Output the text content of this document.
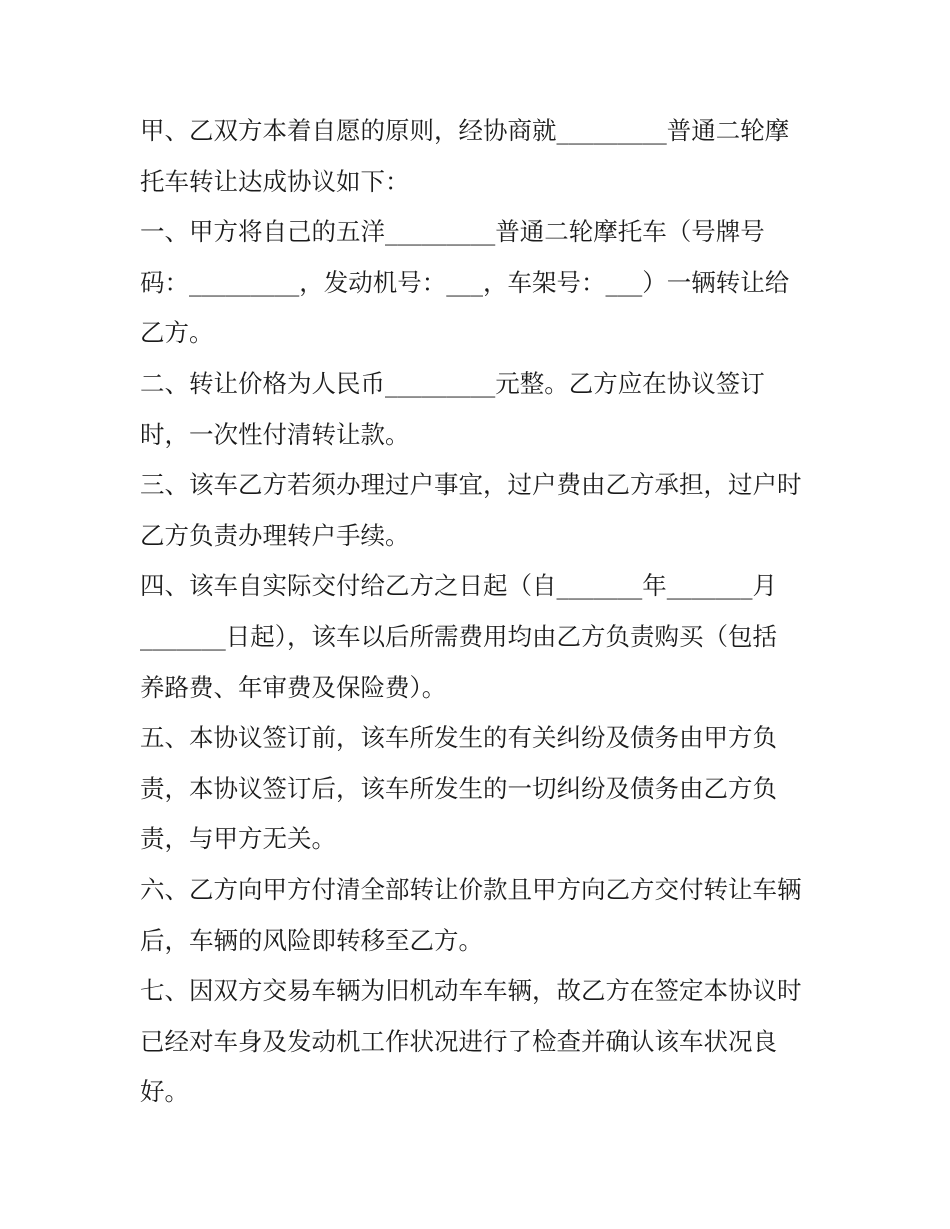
甲、乙双方本着自愿的原则，经协商就_________普通二轮摩
托车转让达成协议如下：
一、甲方将自己的五洋_________普通二轮摩托车（号牌号
码：_________，发动机号：___，车架号：___）一辆转让给
乙方。
二、转让价格为人民币_________元整。乙方应在协议签订
时，一次性付清转让款。
三、该车乙方若须办理过户事宜，过户费由乙方承担，过户时
乙方负责办理转户手续。
四、该车自实际交付给乙方之日起（自_______年_______月
_______日起），该车以后所需费用均由乙方负责购买（包括
养路费、年审费及保险费）。
五、本协议签订前，该车所发生的有关纠纷及债务由甲方负
责，本协议签订后，该车所发生的一切纠纷及债务由乙方负
责，与甲方无关。
六、乙方向甲方付清全部转让价款且甲方向乙方交付转让车辆
后，车辆的风险即转移至乙方。
七、因双方交易车辆为旧机动车车辆，故乙方在签定本协议时
已经对车身及发动机工作状况进行了检查并确认该车状况良
好。
